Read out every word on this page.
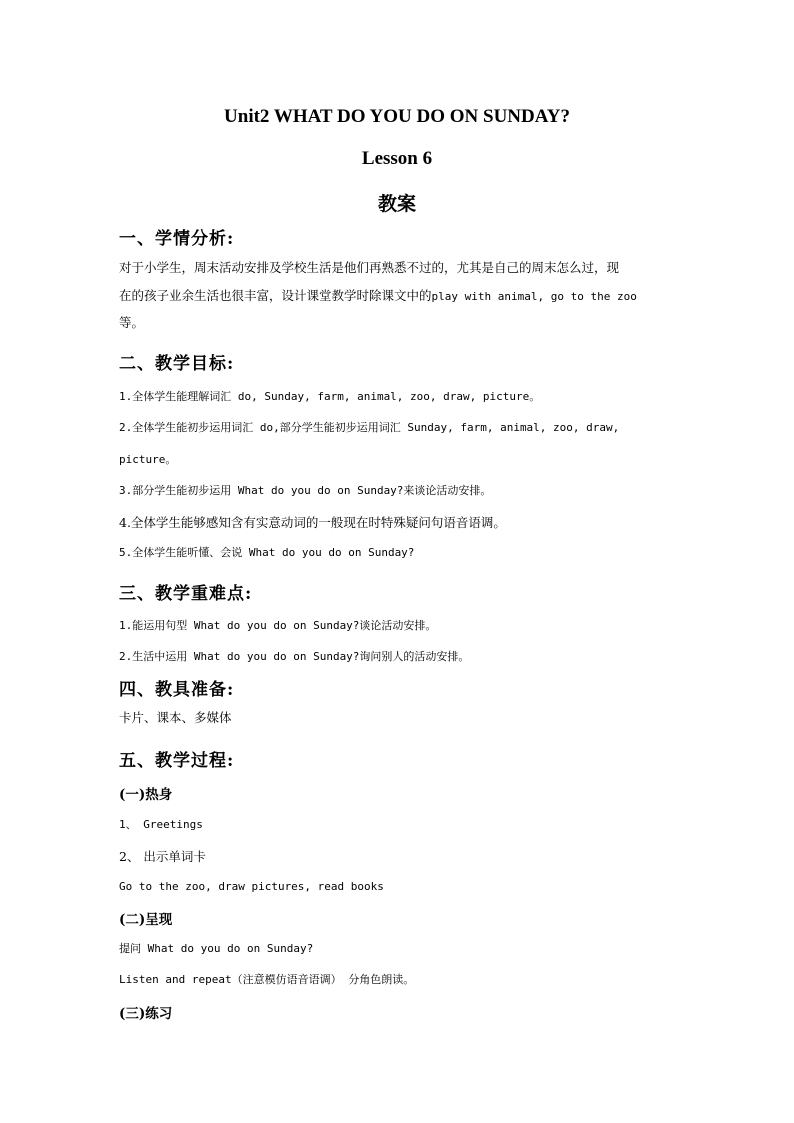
Unit2 WHAT DO YOU DO ON SUNDAY?
Lesson 6
教案
一、学情分析:
对于小学生，周末活动安排及学校生活是他们再熟悉不过的，尤其是自己的周末怎么过，现
在的孩子业余生活也很丰富，设计课堂教学时除课文中的play with animal, go to the zoo
等。
二、教学目标:
1.全体学生能理解词汇 do, Sunday, farm, animal, zoo, draw, picture。
2.全体学生能初步运用词汇 do,部分学生能初步运用词汇 Sunday, farm, animal, zoo, draw,
picture。
3.部分学生能初步运用 What do you do on Sunday?来谈论活动安排。
4.全体学生能够感知含有实意动词的一般现在时特殊疑问句语音语调。
5.全体学生能听懂、会说 What do you do on Sunday?
三、教学重难点:
1.能运用句型 What do you do on Sunday?谈论活动安排。
2.生活中运用 What do you do on Sunday?询问别人的活动安排。
四、教具准备:
卡片、课本、多媒体
五、教学过程:
(一)热身
1、 Greetings
2、 出示单词卡
Go to the zoo, draw pictures, read books
(二)呈现
提问 What do you do on Sunday?
Listen and repeat（注意模仿语音语调） 分角色朗读。
(三)练习
